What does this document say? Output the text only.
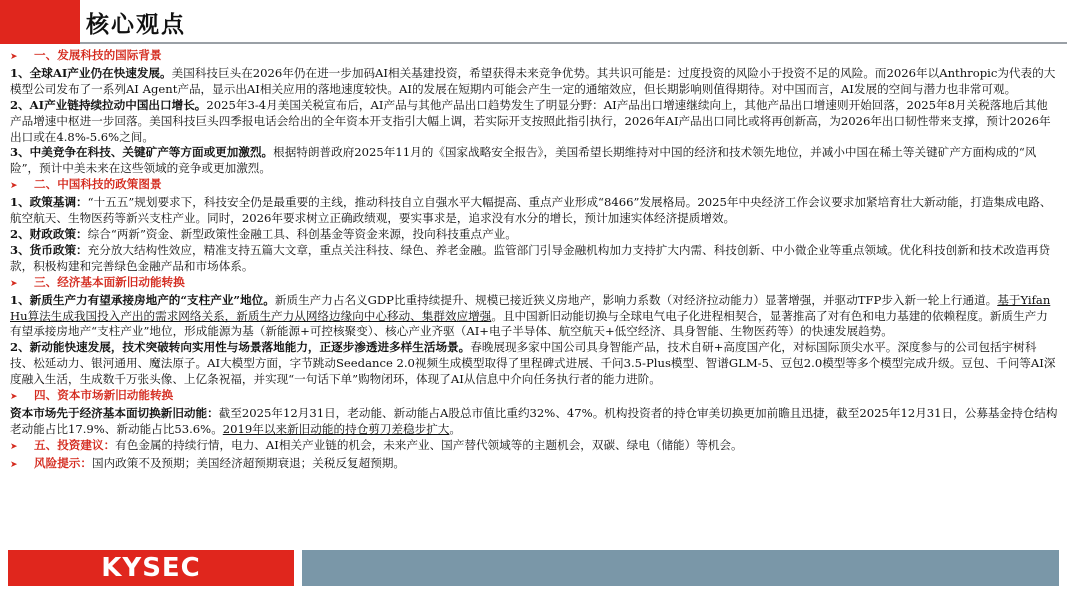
核心观点

➤ 一、发展科技的国际背景

1、全球AI产业仍在快速发展。美国科技巨头在2026年仍在进一步加码AI相关基建投资，希望获得未来竞争优势。其共识可能是：过度投资的风险小于投资不足的风险。而2026年以Anthropic为代表的大模型公司发布了一系列AI Agent产品，显示出AI相关应用的落地速度较快。AI的发展在短期内可能会产生一定的通缩效应，但长期影响则值得期待。对中国而言，AI发展的空间与潜力也非常可观。

2、AI产业链持续拉动中国出口增长。2025年3-4月美国关税宣布后，AI产品与其他产品出口趋势发生了明显分野：AI产品出口增速继续向上，其他产品出口增速则开始回落，2025年8月关税落地后其他产品增速中枢进一步回落。美国科技巨头四季报电话会给出的全年资本开支指引大幅上调，若实际开支按照此指引执行，2026年AI产品出口同比或将再创新高，为2026年出口韧性带来支撑，预计2026年出口或在4.8%-5.6%之间。

3、中美竞争在科技、关键矿产等方面或更加激烈。根据特朗普政府2025年11月的《国家战略安全报告》，美国希望长期维持对中国的经济和技术领先地位，并减小中国在稀土等关键矿产方面构成的“风险”，预计中美未来在这些领域的竞争或更加激烈。

➤ 二、中国科技的政策图景

1、政策基调：“十五五”规划要求下，科技安全仍是最重要的主线，推动科技自立自强水平大幅提高、重点产业形成“8466”发展格局。2025年中央经济工作会议要求加紧培育壮大新动能，打造集成电路、航空航天、生物医药等新兴支柱产业。同时，2026年要求树立正确政绩观，要实事求是，追求没有水分的增长，预计加速实体经济提质增效。

2、财政政策：综合“两新”资金、新型政策性金融工具、科创基金等资金来源，投向科技重点产业。

3、货币政策：充分放大结构性效应，精准支持五篇大文章，重点关注科技、绿色、养老金融。监管部门引导金融机构加力支持扩大内需、科技创新、中小微企业等重点领域。优化科技创新和技术改造再贷款，积极构建和完善绿色金融产品和市场体系。

➤ 三、经济基本面新旧动能转换

1、新质生产力有望承接房地产的“支柱产业”地位。新质生产力占名义GDP比重持续提升、规模已接近狭义房地产，影响力系数（对经济拉动能力）显著增强，并驱动TFP步入新一轮上行通道。基于Yifan Hu算法生成我国投入产出的需求网络关系，新质生产力从网络边缘向中心移动、集群效应增强。且中国新旧动能切换与全球电气电子化进程相契合，显著推高了对有色和电力基建的依赖程度。新质生产力有望承接房地产“支柱产业”地位，形成能源为基（新能源+可控核聚变）、核心产业齐驱（AI+电子半导体、航空航天+低空经济、具身智能、生物医药等）的快速发展趋势。

2、新动能快速发展，技术突破转向实用性与场景落地能力，正逐步渗透进多样生活场景。春晚展现多家中国公司具身智能产品，技术自研+高度国产化，对标国际顶尖水平。深度参与的公司包括宇树科技、松延动力、银河通用、魔法原子。AI大模型方面，字节跳动Seedance 2.0视频生成模型取得了里程碑式进展、千问3.5-Plus模型、智谱GLM-5、豆包2.0模型等多个模型完成升级。豆包、千问等AI深度融入生活，生成数千万张头像、上亿条祝福，并实现“一句话下单”购物闭环，体现了AI从信息中介向任务执行者的能力进阶。

➤ 四、资本市场新旧动能转换

资本市场先于经济基本面切换新旧动能：截至2025年12月31日，老动能、新动能占A股总市值比重约32%、47%。机构投资者的持仓审美切换更加前瞻且迅捷，截至2025年12月31日，公募基金持仓结构老动能占比17.9%、新动能占比53.6%。2019年以来新旧动能的持仓剪刀差稳步扩大。

➤ 五、投资建议：有色金属的持续行情，电力、AI相关产业链的机会，未来产业、国产替代领域等的主题机会，双碳、绿电（储能）等机会。

➤ 风险提示：国内政策不及预期；美国经济超预期衰退；关税反复超预期。

KYSEC
